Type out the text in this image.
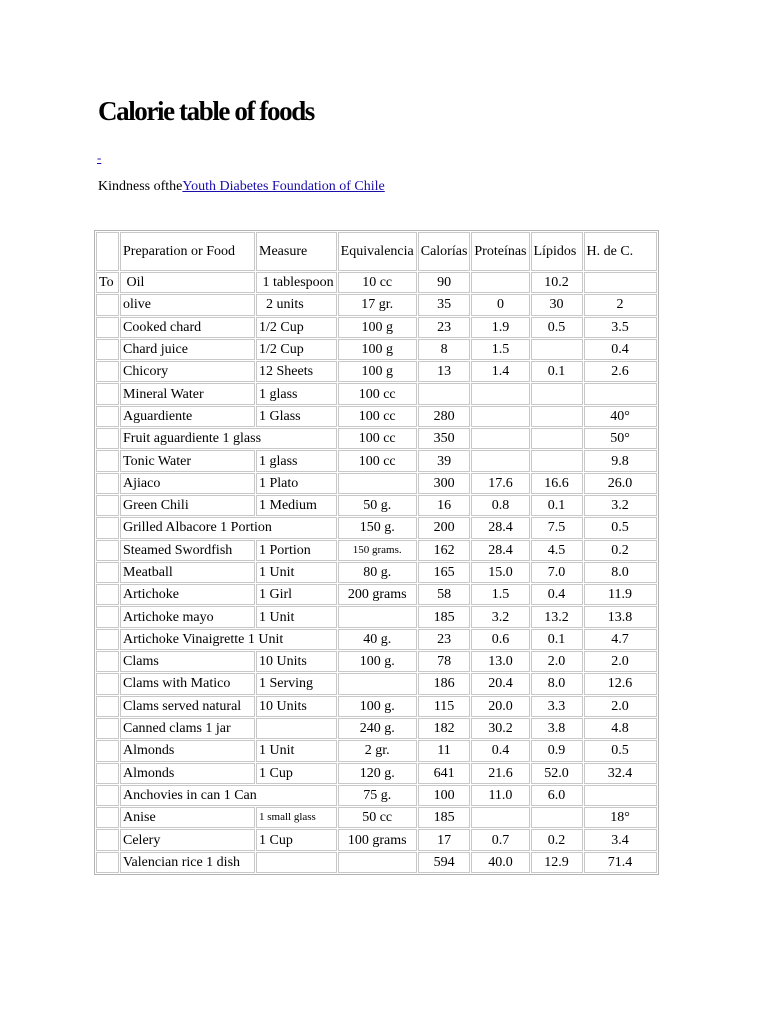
Calorie table of foods
-
Kindness oftheYouth Diabetes Foundation of Chile
	Preparation or Food	Measure	Equivalencia	Calorías	Proteínas	Lípidos	H. de C.
To	Oil	1 tablespoon	10 cc	90		10.2	
	olive	2 units	17 gr.	35	0	30	2
	Cooked chard	1/2 Cup	100 g	23	1.9	0.5	3.5
	Chard juice	1/2 Cup	100 g	8	1.5		0.4
	Chicory	12 Sheets	100 g	13	1.4	0.1	2.6
	Mineral Water	1 glass	100 cc				
	Aguardiente	1 Glass	100 cc	280			40°
	Fruit aguardiente 1 glass		100 cc	350			50°
	Tonic Water	1 glass	100 cc	39			9.8
	Ajiaco	1 Plato		300	17.6	16.6	26.0
	Green Chili	1 Medium	50 g.	16	0.8	0.1	3.2
	Grilled Albacore 1 Portion		150 g.	200	28.4	7.5	0.5
	Steamed Swordfish	1 Portion	150 grams.	162	28.4	4.5	0.2
	Meatball	1 Unit	80 g.	165	15.0	7.0	8.0
	Artichoke	1 Girl	200 grams	58	1.5	0.4	11.9
	Artichoke mayo	1 Unit		185	3.2	13.2	13.8
	Artichoke Vinaigrette 1 Unit		40 g.	23	0.6	0.1	4.7
	Clams	10 Units	100 g.	78	13.0	2.0	2.0
	Clams with Matico	1 Serving		186	20.4	8.0	12.6
	Clams served natural	10 Units	100 g.	115	20.0	3.3	2.0
	Canned clams 1 jar		240 g.	182	30.2	3.8	4.8
	Almonds	1 Unit	2 gr.	11	0.4	0.9	0.5
	Almonds	1 Cup	120 g.	641	21.6	52.0	32.4
	Anchovies in can 1 Can		75 g.	100	11.0	6.0	
	Anise	1 small glass	50 cc	185			18°
	Celery	1 Cup	100 grams	17	0.7	0.2	3.4
	Valencian rice 1 dish			594	40.0	12.9	71.4
